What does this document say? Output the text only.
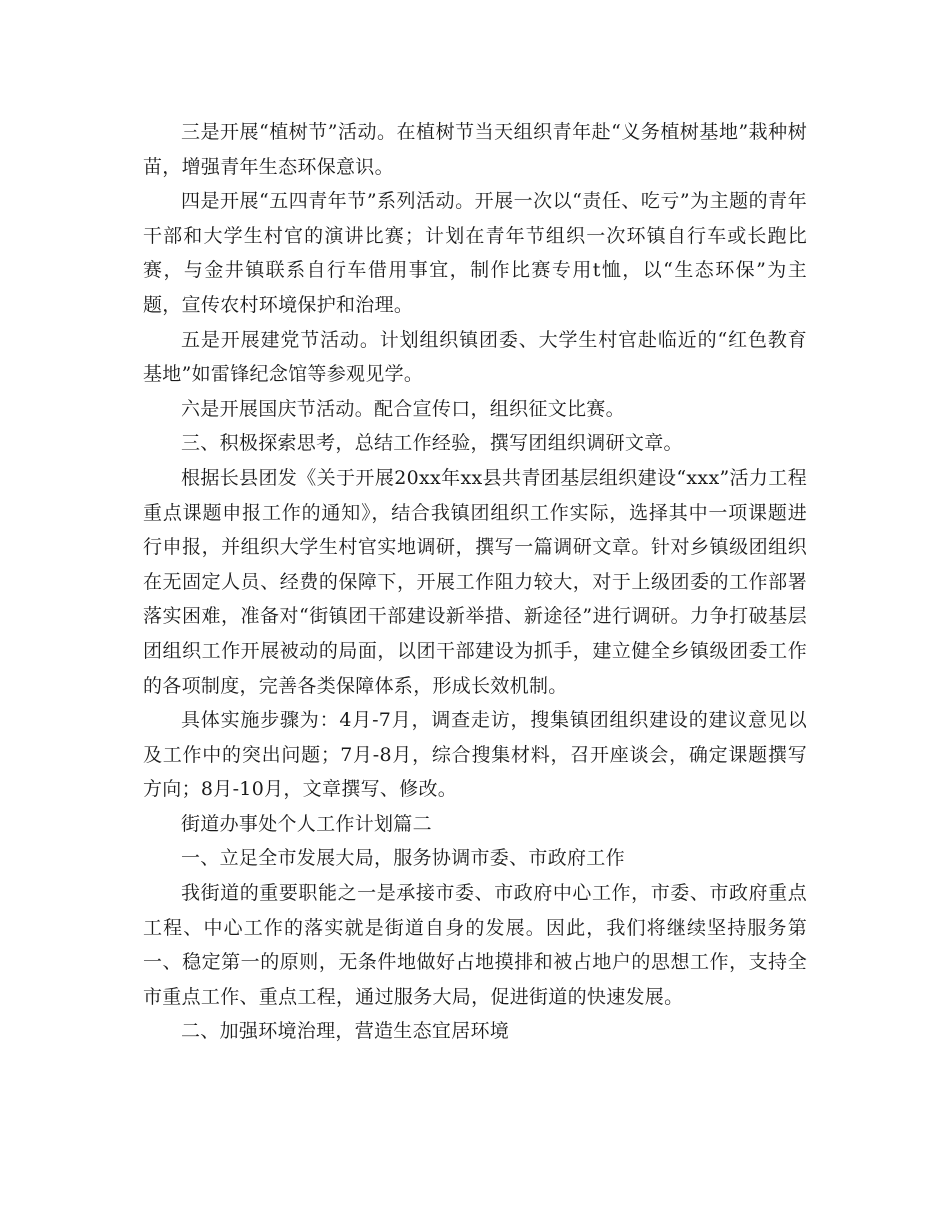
三是开展“植树节”活动。在植树节当天组织青年赴“义务植树基地”栽种树苗，增强青年生态环保意识。

四是开展“五四青年节”系列活动。开展一次以“责任、吃亏”为主题的青年干部和大学生村官的演讲比赛；计划在青年节组织一次环镇自行车或长跑比赛，与金井镇联系自行车借用事宜，制作比赛专用t恤，以“生态环保”为主题，宣传农村环境保护和治理。

五是开展建党节活动。计划组织镇团委、大学生村官赴临近的“红色教育基地”如雷锋纪念馆等参观见学。

六是开展国庆节活动。配合宣传口，组织征文比赛。

三、积极探索思考，总结工作经验，撰写团组织调研文章。

根据长县团发《关于开展20xx年xx县共青团基层组织建设“xxx”活力工程重点课题申报工作的通知》，结合我镇团组织工作实际，选择其中一项课题进行申报，并组织大学生村官实地调研，撰写一篇调研文章。针对乡镇级团组织在无固定人员、经费的保障下，开展工作阻力较大，对于上级团委的工作部署落实困难，准备对“街镇团干部建设新举措、新途径”进行调研。力争打破基层团组织工作开展被动的局面，以团干部建设为抓手，建立健全乡镇级团委工作的各项制度，完善各类保障体系，形成长效机制。

具体实施步骤为：4月-7月，调查走访，搜集镇团组织建设的建议意见以及工作中的突出问题；7月-8月，综合搜集材料，召开座谈会，确定课题撰写方向；8月-10月，文章撰写、修改。

街道办事处个人工作计划篇二

一、立足全市发展大局，服务协调市委、市政府工作

我街道的重要职能之一是承接市委、市政府中心工作，市委、市政府重点工程、中心工作的落实就是街道自身的发展。因此，我们将继续坚持服务第一、稳定第一的原则，无条件地做好占地摸排和被占地户的思想工作，支持全市重点工作、重点工程，通过服务大局，促进街道的快速发展。

二、加强环境治理，营造生态宜居环境
